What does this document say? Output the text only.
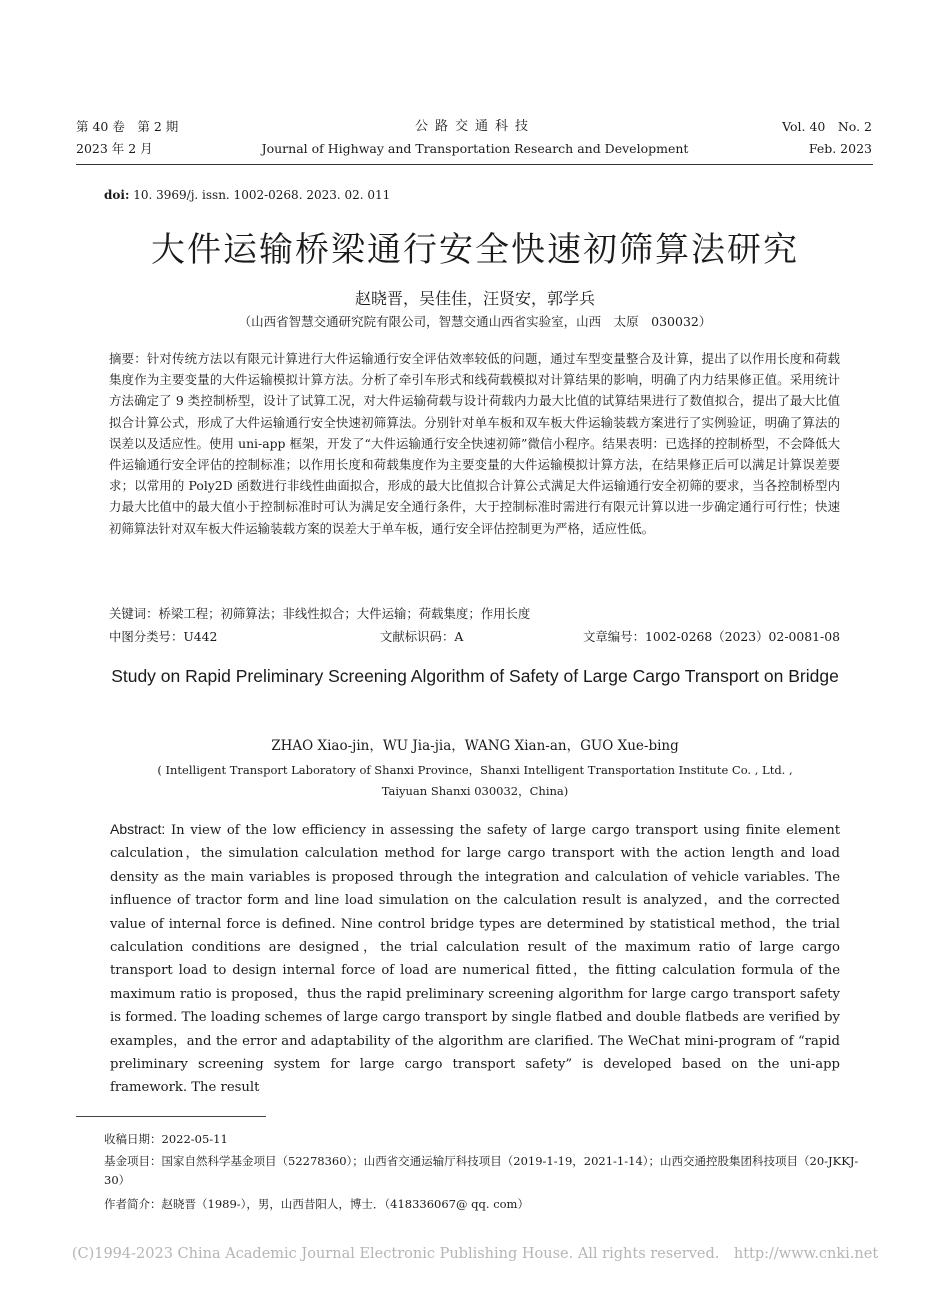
第 40 卷　第 2 期
2023 年 2 月
公路交通科技
Journal of Highway and Transportation Research and Development
Vol. 40　No. 2
Feb. 2023
doi: 10. 3969/j. issn. 1002-0268. 2023. 02. 011
大件运输桥梁通行安全快速初筛算法研究
赵晓晋，吴佳佳，汪贤安，郭学兵
（山西省智慧交通研究院有限公司，智慧交通山西省实验室，山西　太原　030032）
摘要：针对传统方法以有限元计算进行大件运输通行安全评估效率较低的问题，通过车型变量整合及计算，提出了以作用长度和荷载集度作为主要变量的大件运输模拟计算方法。分析了牵引车形式和线荷载模拟对计算结果的影响，明确了内力结果修正值。采用统计方法确定了 9 类控制桥型，设计了试算工况，对大件运输荷载与设计荷载内力最大比值的试算结果进行了数值拟合，提出了最大比值拟合计算公式，形成了大件运输通行安全快速初筛算法。分别针对单车板和双车板大件运输装载方案进行了实例验证，明确了算法的误差以及适应性。使用 uni-app 框架，开发了“大件运输通行安全快速初筛”微信小程序。结果表明：已选择的控制桥型，不会降低大件运输通行安全评估的控制标准；以作用长度和荷载集度作为主要变量的大件运输模拟计算方法，在结果修正后可以满足计算误差要求；以常用的 Poly2D 函数进行非线性曲面拟合，形成的最大比值拟合计算公式满足大件运输通行安全初筛的要求，当各控制桥型内力最大比值中的最大值小于控制标准时可认为满足安全通行条件，大于控制标准时需进行有限元计算以进一步确定通行可行性；快速初筛算法针对双车板大件运输装载方案的误差大于单车板，通行安全评估控制更为严格，适应性低。
关键词：桥梁工程；初筛算法；非线性拟合；大件运输；荷载集度；作用长度
中图分类号：U442	文献标识码：A	文章编号：1002-0268（2023）02-0081-08
Study on Rapid Preliminary Screening Algorithm of Safety of Large Cargo Transport on Bridge
ZHAO Xiao-jin，WU Jia-jia，WANG Xian-an，GUO Xue-bing
( Intelligent Transport Laboratory of Shanxi Province，Shanxi Intelligent Transportation Institute Co. , Ltd. ,
Taiyuan Shanxi 030032，China)
Abstract: In view of the low efficiency in assessing the safety of large cargo transport using finite element calculation，the simulation calculation method for large cargo transport with the action length and load density as the main variables is proposed through the integration and calculation of vehicle variables. The influence of tractor form and line load simulation on the calculation result is analyzed，and the corrected value of internal force is defined. Nine control bridge types are determined by statistical method，the trial calculation conditions are designed，the trial calculation result of the maximum ratio of large cargo transport load to design internal force of load are numerical fitted，the fitting calculation formula of the maximum ratio is proposed，thus the rapid preliminary screening algorithm for large cargo transport safety is formed. The loading schemes of large cargo transport by single flatbed and double flatbeds are verified by examples，and the error and adaptability of the algorithm are clarified. The WeChat mini-program of “rapid preliminary screening system for large cargo transport safety” is developed based on the uni-app framework. The result
收稿日期：2022-05-11
基金项目：国家自然科学基金项目（52278360）；山西省交通运输厅科技项目（2019-1-19，2021-1-14）；山西交通控股集团科技项目（20-JKKJ-30）
作者简介：赵晓晋（1989-），男，山西昔阳人，博士．（418336067@ qq. com）
(C)1994-2023 China Academic Journal Electronic Publishing House. All rights reserved.　http://www.cnki.net
